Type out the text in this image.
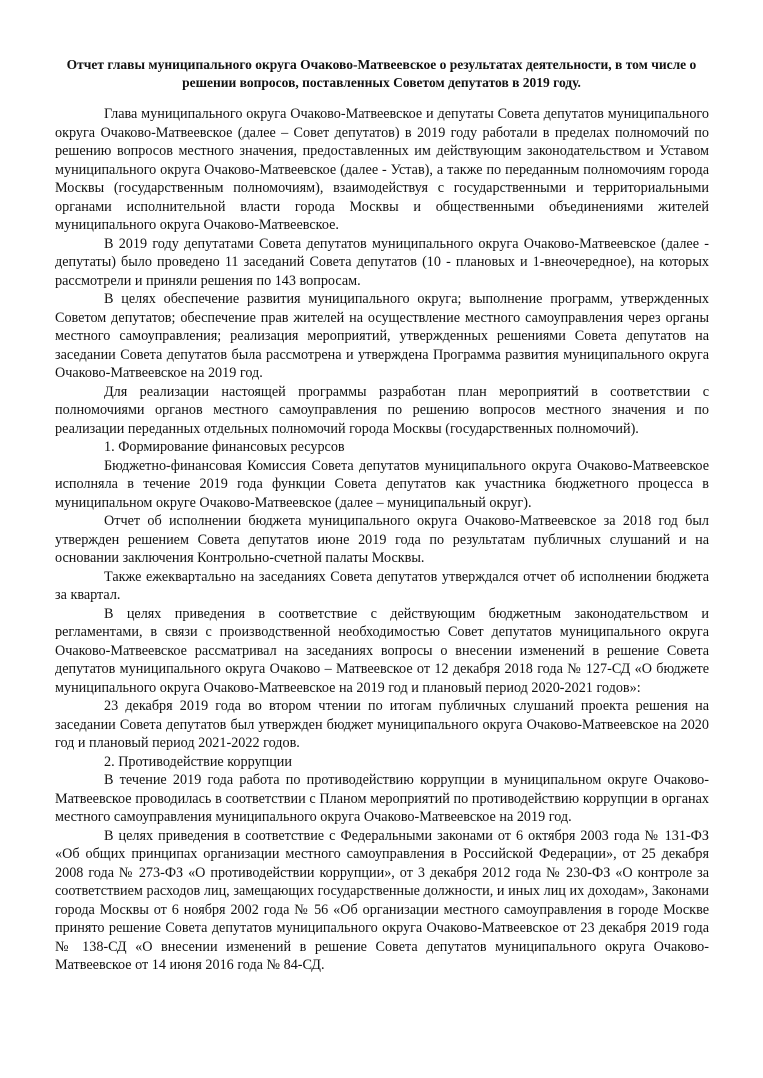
Отчет главы муниципального округа Очаково-Матвеевское о результатах деятельности, в том числе о решении вопросов, поставленных Советом депутатов в 2019 году.

Глава муниципального округа Очаково-Матвеевское и депутаты Совета депутатов муниципального округа Очаково-Матвеевское (далее – Совет депутатов) в 2019 году работали в пределах полномочий по решению вопросов местного значения, предоставленных им действующим законодательством и Уставом муниципального округа Очаково-Матвеевское (далее - Устав), а также по переданным полномочиям города Москвы (государственным полномочиям), взаимодействуя с государственными и территориальными органами исполнительной власти города Москвы и общественными объединениями жителей муниципального округа Очаково-Матвеевское.

В 2019 году депутатами Совета депутатов муниципального округа Очаково-Матвеевское (далее - депутаты) было проведено 11 заседаний Совета депутатов (10 - плановых и 1-внеочередное), на которых рассмотрели и приняли решения по 143 вопросам.

В целях обеспечение развития муниципального округа; выполнение программ, утвержденных Советом депутатов; обеспечение прав жителей на осуществление местного самоуправления через органы местного самоуправления; реализация мероприятий, утвержденных решениями Совета депутатов на заседании Совета депутатов была рассмотрена и утверждена Программа развития муниципального округа Очаково-Матвеевское на 2019 год.

Для реализации настоящей программы разработан план мероприятий в соответствии с полномочиями органов местного самоуправления по решению вопросов местного значения и по реализации переданных отдельных полномочий города Москвы (государственных полномочий).

1. Формирование финансовых ресурсов

Бюджетно-финансовая Комиссия Совета депутатов муниципального округа Очаково-Матвеевское исполняла в течение 2019 года функции Совета депутатов как участника бюджетного процесса в муниципальном округе Очаково-Матвеевское (далее – муниципальный округ).

Отчет об исполнении бюджета муниципального округа Очаково-Матвеевское за 2018 год был утвержден решением Совета депутатов июне 2019 года по результатам публичных слушаний и на основании заключения Контрольно-счетной палаты Москвы.

Также ежеквартально на заседаниях Совета депутатов утверждался отчет об исполнении бюджета за квартал.

В целях приведения в соответствие с действующим бюджетным законодательством и регламентами, в связи с производственной необходимостью Совет депутатов муниципального округа Очаково-Матвеевское рассматривал на заседаниях вопросы о внесении изменений в решение Совета депутатов муниципального округа Очаково – Матвеевское от 12 декабря 2018 года № 127-СД «О бюджете муниципального округа Очаково-Матвеевское на 2019 год и плановый период 2020-2021 годов»:

23 декабря 2019 года во втором чтении по итогам публичных слушаний проекта решения на заседании Совета депутатов был утвержден бюджет муниципального округа Очаково-Матвеевское на 2020 год и плановый период 2021-2022 годов.

2. Противодействие коррупции

В течение 2019 года работа по противодействию коррупции в муниципальном округе Очаково-Матвеевское проводилась в соответствии с Планом мероприятий по противодействию коррупции в органах местного самоуправления муниципального округа Очаково-Матвеевское на 2019 год.

В целях приведения в соответствие с Федеральными законами от 6 октября 2003 года № 131-ФЗ «Об общих принципах организации местного самоуправления в Российской Федерации», от 25 декабря 2008 года № 273-ФЗ «О противодействии коррупции», от 3 декабря 2012 года № 230-ФЗ «О контроле за соответствием расходов лиц, замещающих государственные должности, и иных лиц их доходам», Законами города Москвы от 6 ноября 2002 года № 56 «Об организации местного самоуправления в городе Москве принято решение Совета депутатов муниципального округа Очаково-Матвеевское от 23 декабря 2019 года № 138-СД «О внесении изменений в решение Совета депутатов муниципального округа Очаково-Матвеевское от 14 июня 2016 года № 84-СД.
